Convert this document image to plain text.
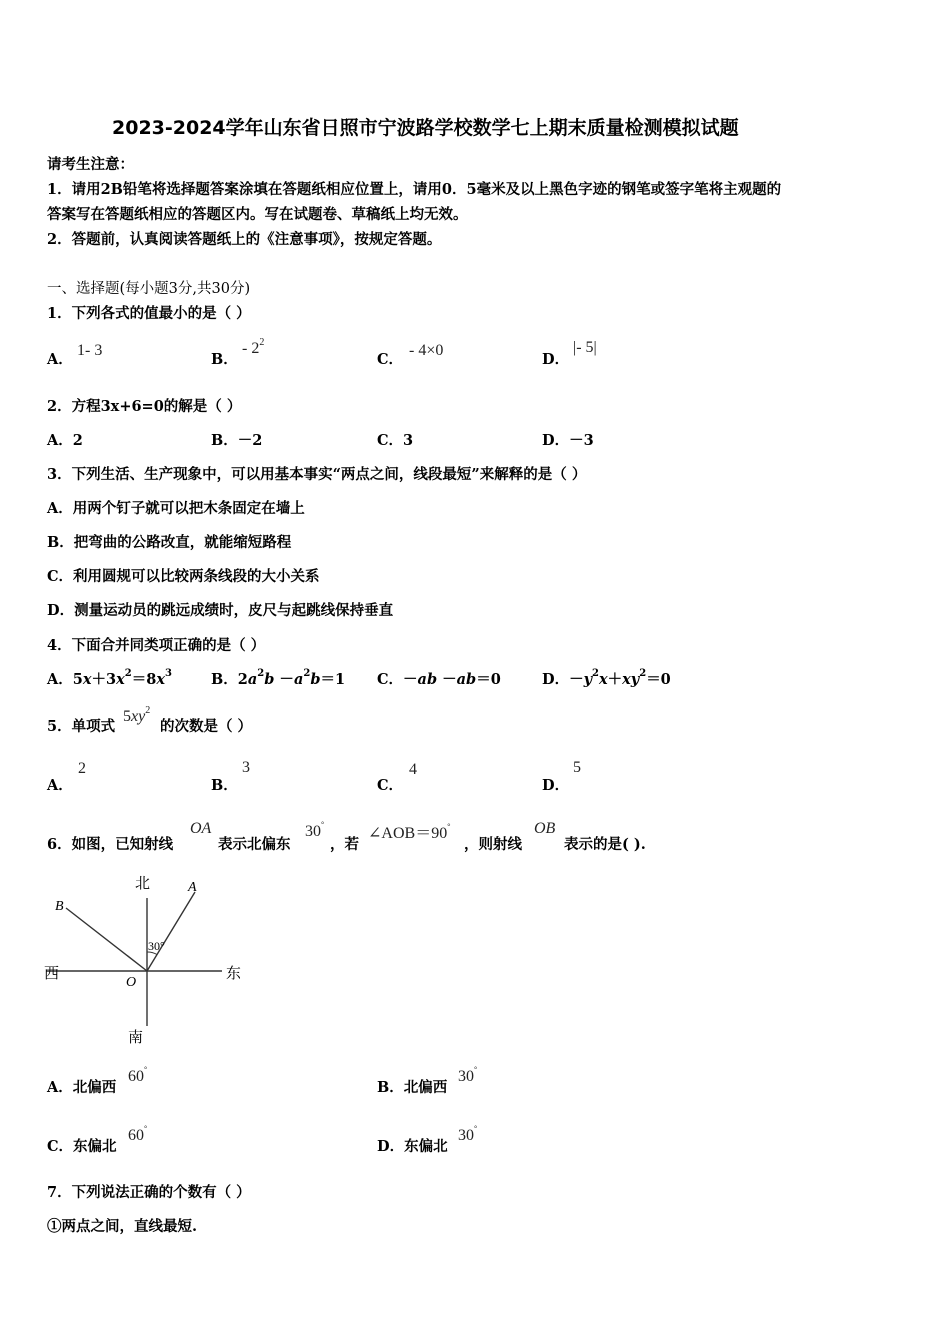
2023-2024学年山东省日照市宁波路学校数学七上期末质量检测模拟试题
请考生注意：
1．请用2B铅笔将选择题答案涂填在答题纸相应位置上，请用0．5毫米及以上黑色字迹的钢笔或签字笔将主观题的
答案写在答题纸相应的答题区内。写在试题卷、草稿纸上均无效。
2．答题前，认真阅读答题纸上的《注意事项》，按规定答题。
一、选择题(每小题3分,共30分)
1．下列各式的值最小的是（ ）
A．
1- 3
B．
- $2^2$
C．
- 4×0
D．
|- 5|
2．方程3x+6=0的解是（ ）
A．2	B．－2	C．3	D．－3
3．下列生活、生产现象中，可以用基本事实“两点之间，线段最短”来解释的是（ ）
A．用两个钉子就可以把木条固定在墙上
B．把弯曲的公路改直，就能缩短路程
C．利用圆规可以比较两条线段的大小关系
D．测量运动员的跳远成绩时，皮尺与起跳线保持垂直
4．下面合并同类项正确的是（ ）
A．$5x+3x^2=8x^3$	B．$2a^2b -a^2b=1$ C．－ab －ab＝0	D．$-y^2x+xy^2=0$
5．单项式
$5xy^2$
的次数是（ ）
A．
2
B．
3
C．
4
D．
5
6．如图，已知射线
OA
表示北偏东
30°
，若
∠AOB＝90°
，则射线
OB
表示的是( ).
北
南
西	东
A
B
O
30°
A．北偏西
60°
B．北偏西
30°
C．东偏北
60°
D．东偏北
30°
7．下列说法正确的个数有（ ）
①两点之间，直线最短.
